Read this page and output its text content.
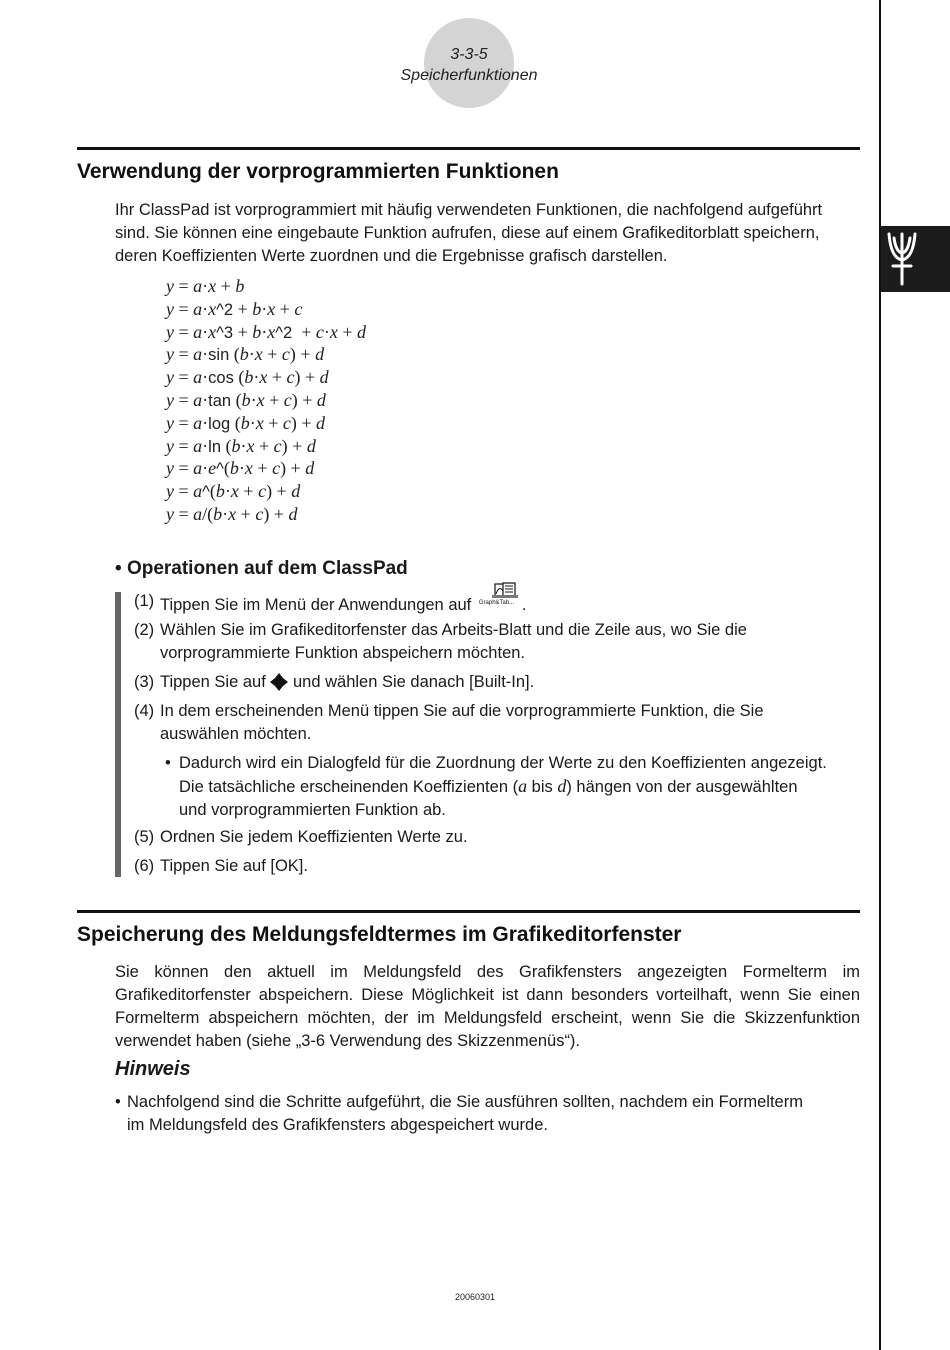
3-3-5
Speicherfunktionen
Verwendung der vorprogrammierten Funktionen

Ihr ClassPad ist vorprogrammiert mit häufig verwendeten Funktionen, die nachfolgend aufgeführt

sind. Sie können eine eingebaute Funktion aufrufen, diese auf einem Grafikeditorblatt speichern,

deren Koeffizienten Werte zuordnen und die Ergebnisse grafisch darstellen.

y = a·x + b
y = a·x^2 + b·x + c
y = a·x^3 + b·x^2  + c·x + d
y = a·sin (b·x + c) + d
y = a·cos (b·x + c) + d
y = a·tan (b·x + c) + d
y = a·log (b·x + c) + d
y = a·ln (b·x + c) + d
y = a·e^(b·x + c) + d
y = a^(b·x + c) + d
y = a/(b·x + c) + d
• Operationen auf dem ClassPad
(1) Tippen Sie im Menü der Anwendungen auf Graph&Tab... .
(2) Wählen Sie im Grafikeditorfenster das Arbeits-Blatt und die Zeile aus, wo Sie die
vorprogrammierte Funktion abspeichern möchten.
(3) Tippen Sie auf und wählen Sie danach [Built-In].
(4) In dem erscheinenden Menü tippen Sie auf die vorprogrammierte Funktion, die Sie
auswählen möchten.
• Dadurch wird ein Dialogfeld für die Zuordnung der Werte zu den Koeffizienten angezeigt.
Die tatsächliche erscheinenden Koeffizienten (a bis d) hängen von der ausgewählten
und vorprogrammierten Funktion ab.
(5) Ordnen Sie jedem Koeffizienten Werte zu.
(6) Tippen Sie auf [OK].
Speicherung des Meldungsfeldtermes im Grafikeditorfenster

Sie können den aktuell im Meldungsfeld des Grafikfensters angezeigten Formelterm im Grafikeditorfenster abspeichern. Diese Möglichkeit ist dann besonders vorteilhaft, wenn Sie einen Formelterm abspeichern möchten, der im Meldungsfeld erscheint, wenn Sie die Skizzenfunktion verwendet haben (siehe „3-6 Verwendung des Skizzenmenüs“).

Hinweis
• Nachfolgend sind die Schritte aufgeführt, die Sie ausführen sollten, nachdem ein Formelterm
im Meldungsfeld des Grafikfensters abgespeichert wurde.
20060301
